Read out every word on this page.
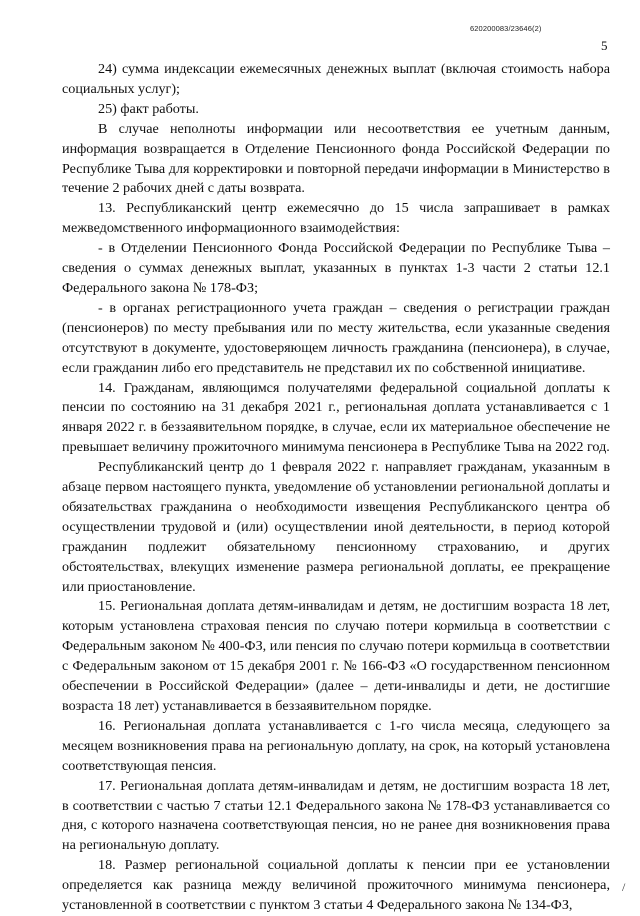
620200083/23646(2)
5

24) сумма индексации ежемесячных денежных выплат (включая стоимость набора социальных услуг);

25) факт работы.

В случае неполноты информации или несоответствия ее учетным данным, информация возвращается в Отделение Пенсионного фонда Российской Федерации по Республике Тыва для корректировки и повторной передачи информации в Министерство в течение 2 рабочих дней с даты возврата.

13. Республиканский центр ежемесячно до 15 числа запрашивает в рамках межведомственного информационного взаимодействия:

- в Отделении Пенсионного Фонда Российской Федерации по Республике Тыва – сведения о суммах денежных выплат, указанных в пунктах 1-3 части 2 статьи 12.1 Федерального закона № 178-ФЗ;

- в органах регистрационного учета граждан – сведения о регистрации граждан (пенсионеров) по месту пребывания или по месту жительства, если указанные сведения отсутствуют в документе, удостоверяющем личность гражданина (пенсионера), в случае, если гражданин либо его представитель не представил их по собственной инициативе.

14. Гражданам, являющимся получателями федеральной социальной доплаты к пенсии по состоянию на 31 декабря 2021 г., региональная доплата устанавливается с 1 января 2022 г. в беззаявительном порядке, в случае, если их материальное обеспечение не превышает величину прожиточного минимума пенсионера в Республике Тыва на 2022 год.

Республиканский центр до 1 февраля 2022 г. направляет гражданам, указанным в абзаце первом настоящего пункта, уведомление об установлении региональной доплаты и обязательствах гражданина о необходимости извещения Республиканского центра об осуществлении трудовой и (или) осуществлении иной деятельности, в период которой гражданин подлежит обязательному пенсионному страхованию, и других обстоятельствах, влекущих изменение размера региональной доплаты, ее прекращение или приостановление.

15. Региональная доплата детям-инвалидам и детям, не достигшим возраста 18 лет, которым установлена страховая пенсия по случаю потери кормильца в соответствии с Федеральным законом № 400-ФЗ, или пенсия по случаю потери кормильца в соответствии с Федеральным законом от 15 декабря 2001 г. № 166-ФЗ «О государственном пенсионном обеспечении в Российской Федерации» (далее – дети-инвалиды и дети, не достигшие возраста 18 лет) устанавливается в беззаявительном порядке.

16. Региональная доплата устанавливается с 1-го числа месяца, следующего за месяцем возникновения права на региональную доплату, на срок, на который установлена соответствующая пенсия.

17. Региональная доплата детям-инвалидам и детям, не достигшим возраста 18 лет, в соответствии с частью 7 статьи 12.1 Федерального закона № 178-ФЗ устанавливается со дня, с которого назначена соответствующая пенсия, но не ранее дня возникновения права на региональную доплату.

18. Размер региональной социальной доплаты к пенсии при ее установлении определяется как разница между величиной прожиточного минимума пенсионера, установленной в соответствии с пунктом 3 статьи 4 Федерального закона № 134-ФЗ,

/
